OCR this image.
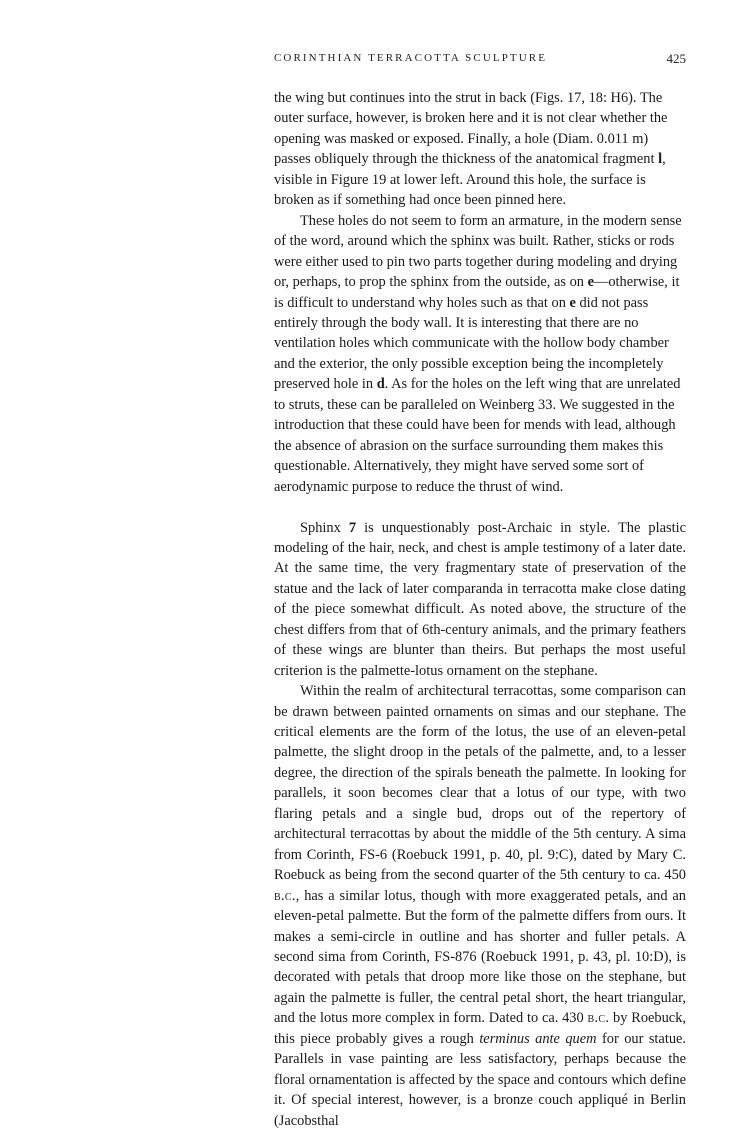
CORINTHIAN TERRACOTTA SCULPTURE	425

the wing but continues into the strut in back (Figs. 17, 18: H6). The outer surface, however, is broken here and it is not clear whether the opening was masked or exposed. Finally, a hole (Diam. 0.011 m) passes obliquely through the thickness of the anatomical fragment l, visible in Figure 19 at lower left. Around this hole, the surface is broken as if something had once been pinned here.

These holes do not seem to form an armature, in the modern sense of the word, around which the sphinx was built. Rather, sticks or rods were either used to pin two parts together during modeling and drying or, perhaps, to prop the sphinx from the outside, as on e—otherwise, it is difficult to understand why holes such as that on e did not pass entirely through the body wall. It is interesting that there are no ventilation holes which communicate with the hollow body chamber and the exterior, the only possible exception being the incompletely preserved hole in d. As for the holes on the left wing that are unrelated to struts, these can be paralleled on Weinberg 33. We suggested in the introduction that these could have been for mends with lead, although the absence of abrasion on the surface surrounding them makes this questionable. Alternatively, they might have served some sort of aerodynamic purpose to reduce the thrust of wind.

Sphinx 7 is unquestionably post-Archaic in style. The plastic modeling of the hair, neck, and chest is ample testimony of a later date. At the same time, the very fragmentary state of preservation of the statue and the lack of later comparanda in terracotta make close dating of the piece somewhat difficult. As noted above, the structure of the chest differs from that of 6th-century animals, and the primary feathers of these wings are blunter than theirs. But perhaps the most useful criterion is the palmette-lotus ornament on the stephane.

Within the realm of architectural terracottas, some comparison can be drawn between painted ornaments on simas and our stephane. The critical elements are the form of the lotus, the use of an eleven-petal palmette, the slight droop in the petals of the palmette, and, to a lesser degree, the direction of the spirals beneath the palmette. In looking for parallels, it soon becomes clear that a lotus of our type, with two flaring petals and a single bud, drops out of the repertory of architectural terracottas by about the middle of the 5th century. A sima from Corinth, FS-6 (Roebuck 1991, p. 40, pl. 9:C), dated by Mary C. Roebuck as being from the second quarter of the 5th century to ca. 450 b.c., has a similar lotus, though with more exaggerated petals, and an eleven-petal palmette. But the form of the palmette differs from ours. It makes a semi-circle in outline and has shorter and fuller petals. A second sima from Corinth, FS-876 (Roebuck 1991, p. 43, pl. 10:D), is decorated with petals that droop more like those on the stephane, but again the palmette is fuller, the central petal short, the heart triangular, and the lotus more complex in form. Dated to ca. 430 b.c. by Roebuck, this piece probably gives a rough terminus ante quem for our statue. Parallels in vase painting are less satisfactory, perhaps because the floral ornamentation is affected by the space and contours which define it. Of special interest, however, is a bronze couch appliqué in Berlin (Jacobsthal
